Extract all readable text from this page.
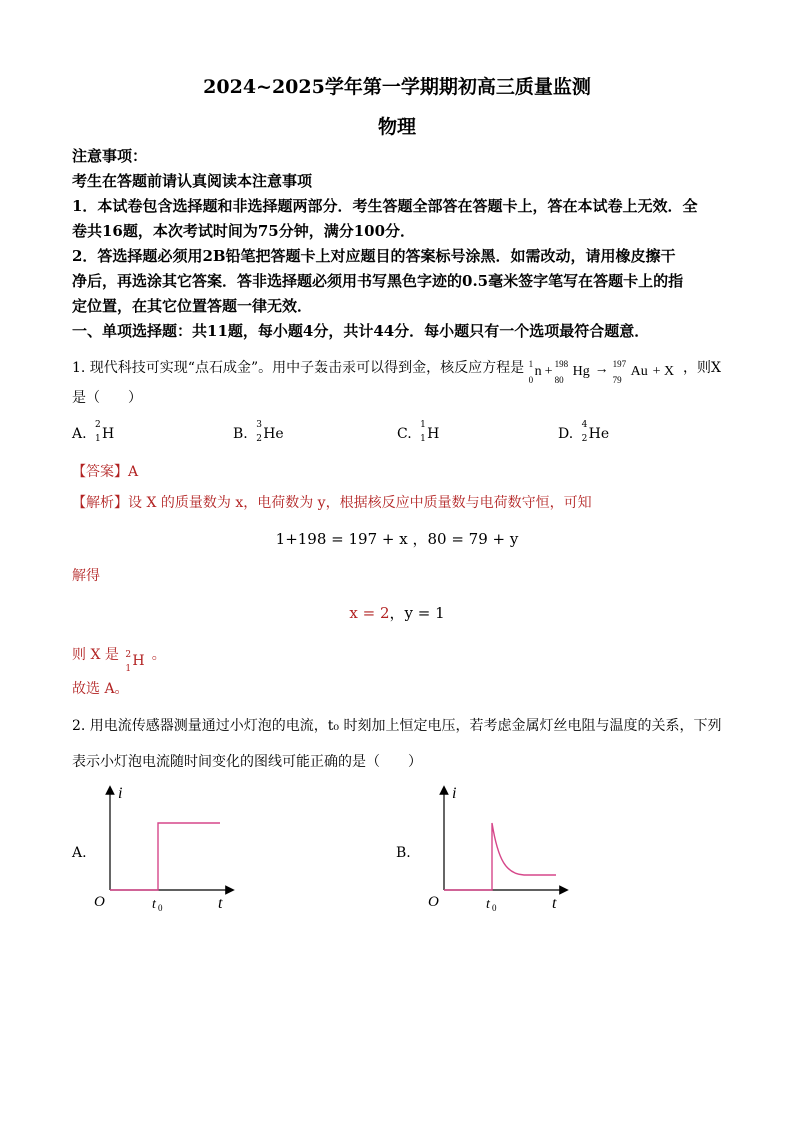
2024~2025学年第一学期期初高三质量监测
物理
注意事项：
考生在答题前请认真阅读本注意事项
1．本试卷包含选择题和非选择题两部分．考生答题全部答在答题卡上，答在本试卷上无效．全
卷共16题，本次考试时间为75分钟，满分100分．
2．答选择题必须用2B铅笔把答题卡上对应题目的答案标号涂黑．如需改动，请用橡皮擦干
净后，再选涂其它答案．答非选择题必须用书写黑色字迹的0.5毫米签字笔写在答题卡上的指
定位置，在其它位置答题一律无效．
一、单项选择题：共11题，每小题4分，共计44分．每小题只有一个选项最符合题意．
1. 现代科技可实现“点石成金”。用中子轰击汞可以得到金，核反应方程是 1
0
n + 198
80
Hg → 197
79
Au + X ，则X
是（　　）
A.
2
1 H	B.
3
2 He	C.
1
1 H	D.
4
2 He
【答案】A
【解析】设 X 的质量数为 x，电荷数为 y，根据核反应中质量数与电荷数守恒，可知
1+198 = 197 + x ，80 = 79 + y
解得
x = 2，y = 1
则 X 是 2
1 H 。
故选 A。
2. 用电流传感器测量通过小灯泡的电流，t₀ 时刻加上恒定电压，若考虑金属灯丝电阻与温度的关系，下列
表示小灯泡电流随时间变化的图线可能正确的是（　　）
A.
i
t
O	t 0
B.
i
t
O	t 0
